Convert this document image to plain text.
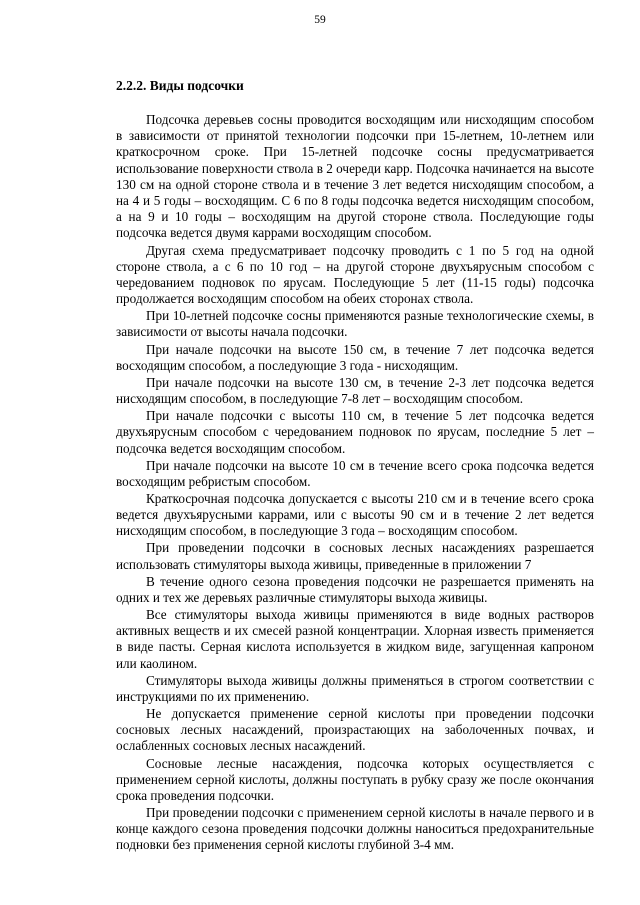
59
2.2.2. Виды подсочки

Подсочка деревьев сосны проводится восходящим или нисходящим способом в зависимости от принятой технологии подсочки при 15-летнем, 10-летнем или краткосрочном сроке. При 15-летней подсочке сосны предусматривается использование поверхности ствола в 2 очереди карр. Подсочка начинается на высоте 130 см на одной стороне ствола и в течение 3 лет ведется нисходящим способом, а на 4 и 5 годы – восходящим. С 6 по 8 годы подсочка ведется нисходящим способом, а на 9 и 10 годы – восходящим на другой стороне ствола. Последующие годы подсочка ведется двумя каррами восходящим способом.

Другая схема предусматривает подсочку проводить с 1 по 5 год на одной стороне ствола, а с 6 по 10 год – на другой стороне двухъярусным способом с чередованием подновок по ярусам. Последующие 5 лет (11-15 годы) подсочка продолжается восходящим способом на обеих сторонах ствола.

При 10-летней подсочке сосны применяются разные технологические схемы, в зависимости от высоты начала подсочки.

При начале подсочки на высоте 150 см, в течение 7 лет подсочка ведется восходящим способом, а последующие 3 года - нисходящим.

При начале подсочки на высоте 130 см, в течение 2-3 лет подсочка ведется нисходящим способом, в последующие 7-8 лет – восходящим способом.

При начале подсочки с высоты 110 см, в течение 5 лет подсочка ведется двухъярусным способом с чередованием подновок по ярусам, последние 5 лет – подсочка ведется восходящим способом.

При начале подсочки на высоте 10 см в течение всего срока подсочка ведется восходящим ребристым способом.

Краткосрочная подсочка допускается с высоты 210 см и в течение всего срока ведется двухъярусными каррами, или с высоты 90 см и в течение 2 лет ведется нисходящим способом, в последующие 3 года – восходящим способом.

При проведении подсочки в сосновых лесных насаждениях разрешается использовать стимуляторы выхода живицы, приведенные в приложении 7

В течение одного сезона проведения подсочки не разрешается применять на одних и тех же деревьях различные стимуляторы выхода живицы.

Все стимуляторы выхода живицы применяются в виде водных растворов активных веществ и их смесей разной концентрации. Хлорная известь применяется в виде пасты. Серная кислота используется в жидком виде, загущенная капроном или каолином.

Стимуляторы выхода живицы должны применяться в строгом соответствии с инструкциями по их применению.

Не допускается применение серной кислоты при проведении подсочки сосновых лесных насаждений, произрастающих на заболоченных почвах, и ослабленных сосновых лесных насаждений.

Сосновые лесные насаждения, подсочка которых осуществляется с применением серной кислоты, должны поступать в рубку сразу же после окончания срока проведения подсочки.

При проведении подсочки с применением серной кислоты в начале первого и в конце каждого сезона проведения подсочки должны наноситься предохранительные подновки без применения серной кислоты глубиной 3-4 мм.
